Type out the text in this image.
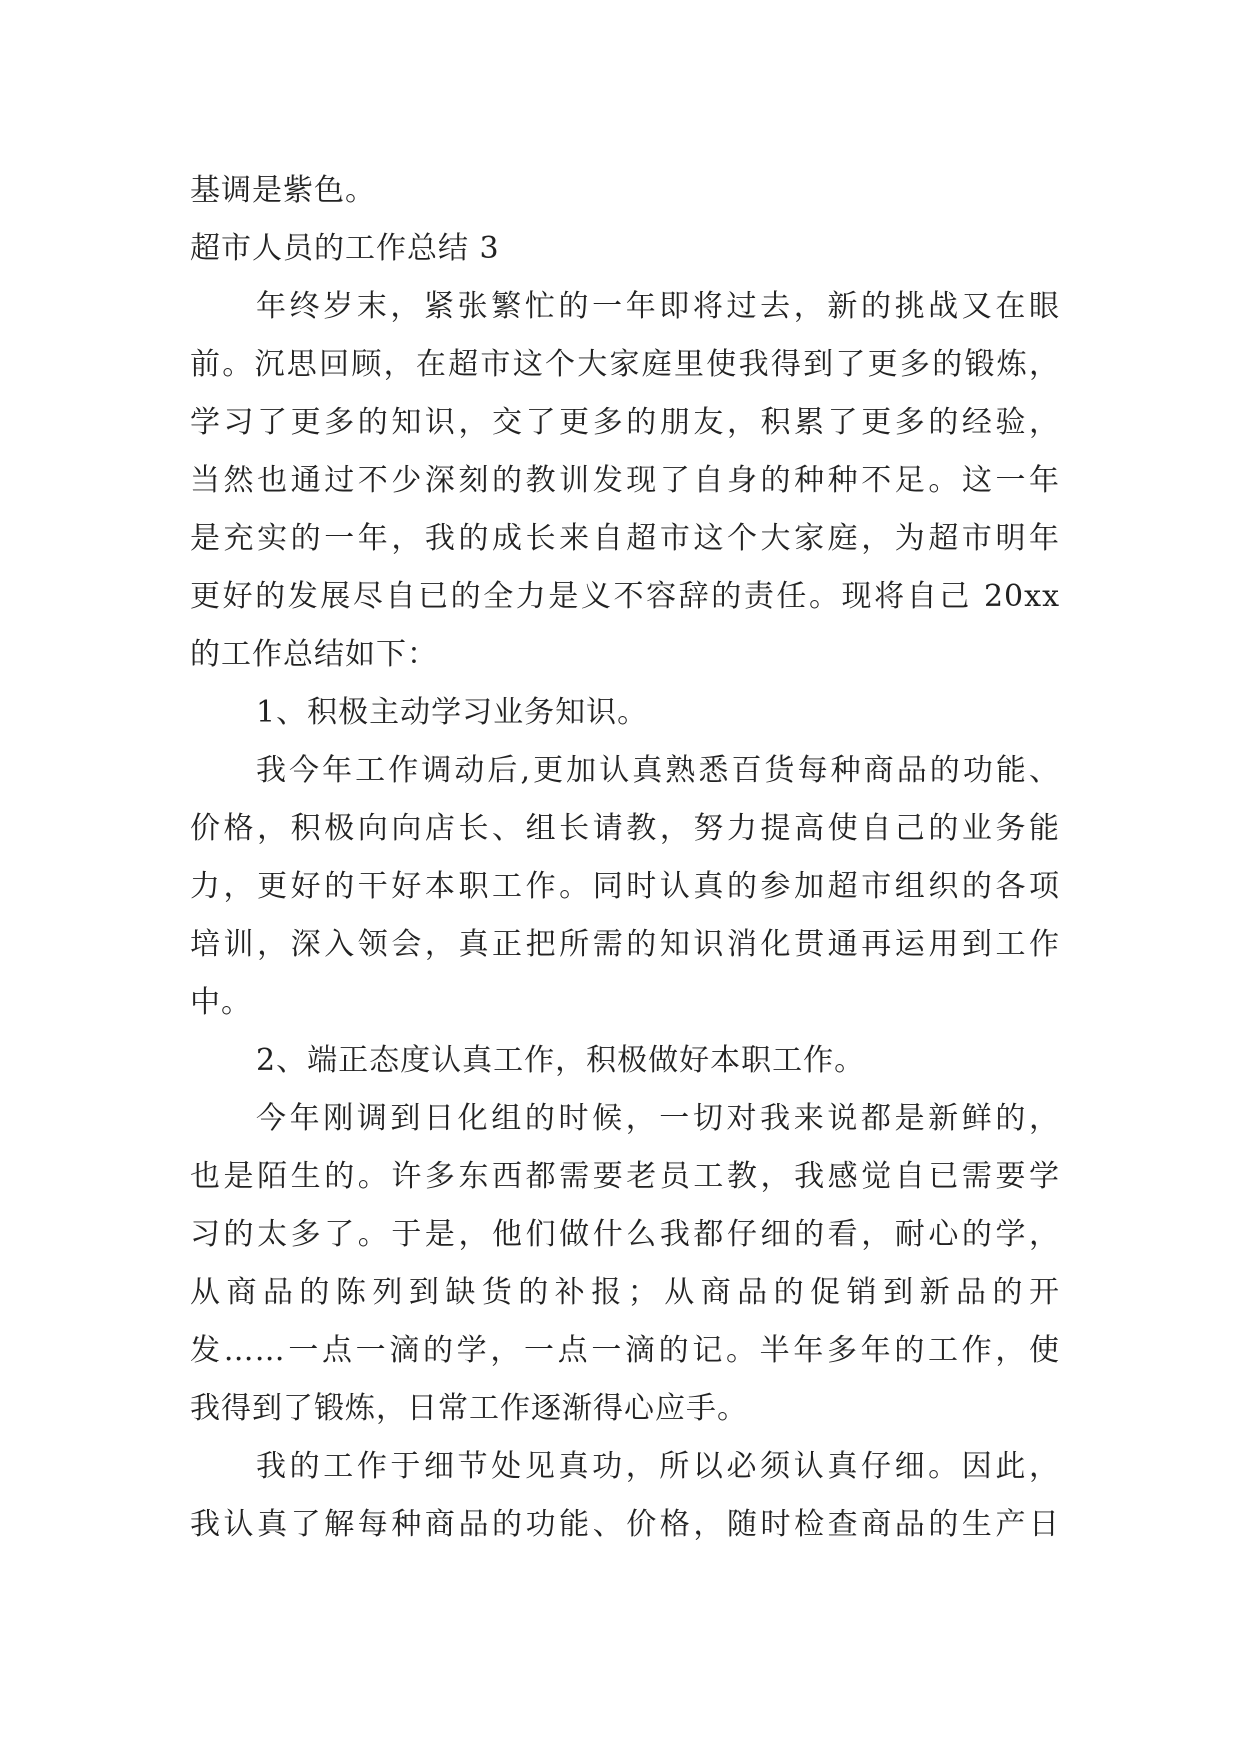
基调是紫色。

超市人员的工作总结 3

年终岁末，紧张繁忙的一年即将过去，新的挑战又在眼

前。沉思回顾，在超市这个大家庭里使我得到了更多的锻炼，

学习了更多的知识，交了更多的朋友，积累了更多的经验，

当然也通过不少深刻的教训发现了自身的种种不足。这一年

是充实的一年，我的成长来自超市这个大家庭，为超市明年

更好的发展尽自已的全力是义不容辞的责任。现将自己 20xx

的工作总结如下：

1、积极主动学习业务知识。

我今年工作调动后,更加认真熟悉百货每种商品的功能、

价格，积极向向店长、组长请教，努力提高使自己的业务能

力，更好的干好本职工作。同时认真的参加超市组织的各项

培训，深入领会，真正把所需的知识消化贯通再运用到工作

中。

2、端正态度认真工作，积极做好本职工作。

今年刚调到日化组的时候，一切对我来说都是新鲜的，

也是陌生的。许多东西都需要老员工教，我感觉自已需要学

习的太多了。于是，他们做什么我都仔细的看，耐心的学，

从商品的陈列到缺货的补报；从商品的促销到新品的开

发……一点一滴的学，一点一滴的记。半年多年的工作，使

我得到了锻炼，日常工作逐渐得心应手。

我的工作于细节处见真功，所以必须认真仔细。因此，

我认真了解每种商品的功能、价格，随时检查商品的生产日
